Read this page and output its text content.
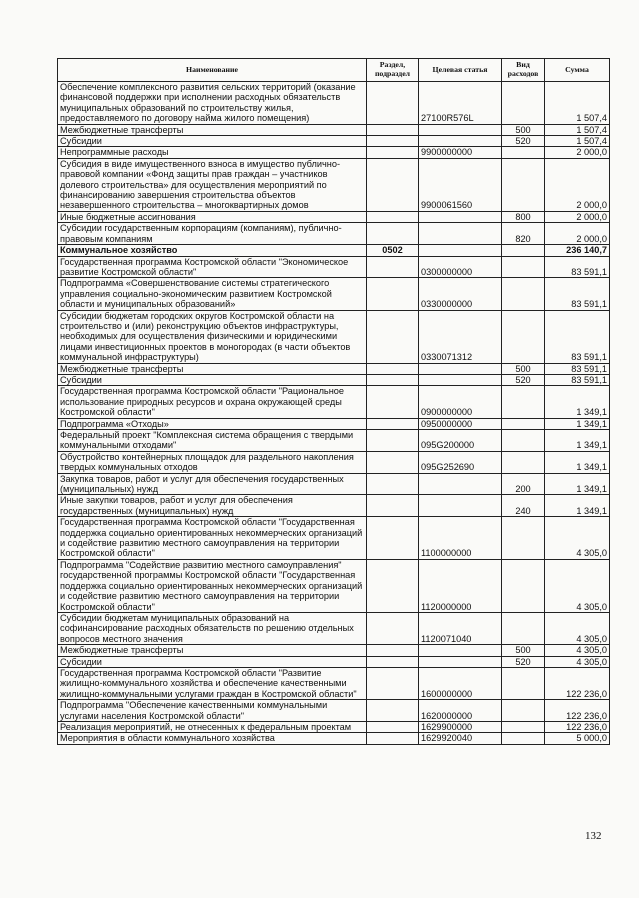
Наименование	Раздел, подраздел	Целевая статья	Вид расходов	Сумма
Обеспечение комплексного развития сельских территорий (оказание финансовой поддержки при исполнении расходных обязательств муниципальных образований по строительству жилья, предоставляемого по договору найма жилого помещения)		27100R576L		1 507,4
Межбюджетные трансферты			500	1 507,4
Субсидии			520	1 507,4
Непрограммные расходы		9900000000		2 000,0
Субсидия в виде имущественного взноса в имущество публично-правовой компании «Фонд защиты прав граждан – участников долевого строительства» для осуществления мероприятий по финансированию завершения строительства объектов незавершенного строительства – многоквартирных домов		9900061560		2 000,0
Иные бюджетные ассигнования			800	2 000,0
Субсидии государственным корпорациям (компаниям), публично-правовым компаниям			820	2 000,0
Коммунальное хозяйство	0502			236 140,7
Государственная программа Костромской области "Экономическое развитие Костромской области"		0300000000		83 591,1
Подпрограмма «Совершенствование системы стратегического управления социально-экономическим развитием Костромской области и муниципальных образований»		0330000000		83 591,1
Субсидии бюджетам городских округов Костромской области на строительство и (или) реконструкцию объектов инфраструктуры, необходимых для осуществления физическими и юридическими лицами инвестиционных проектов в моногородах (в части объектов коммунальной инфраструктуры)		0330071312		83 591,1
Межбюджетные трансферты			500	83 591,1
Субсидии			520	83 591,1
Государственная программа Костромской области "Рациональное использование природных ресурсов и охрана окружающей среды Костромской области"		0900000000		1 349,1
Подпрограмма «Отходы»		0950000000		1 349,1
Федеральный проект "Комплексная система обращения с твердыми коммунальными отходами"		095G200000		1 349,1
Обустройство контейнерных площадок для раздельного накопления твердых коммунальных отходов		095G252690		1 349,1
Закупка товаров, работ и услуг для обеспечения государственных (муниципальных) нужд			200	1 349,1
Иные закупки товаров, работ и услуг для обеспечения государственных (муниципальных) нужд			240	1 349,1
Государственная программа Костромской области "Государственная поддержка социально ориентированных некоммерческих организаций и содействие развитию местного самоуправления на территории Костромской области"		1100000000		4 305,0
Подпрограмма "Содействие развитию местного самоуправления" государственной программы Костромской области "Государственная поддержка социально ориентированных некоммерческих организаций и содействие развитию местного самоуправления на территории Костромской области"		1120000000		4 305,0
Субсидии бюджетам муниципальных образований на софинансирование расходных обязательств по решению отдельных вопросов местного значения		1120071040		4 305,0
Межбюджетные трансферты			500	4 305,0
Субсидии			520	4 305,0
Государственная программа Костромской области "Развитие жилищно-коммунального хозяйства и обеспечение качественными жилищно-коммунальными услугами граждан в Костромской области"		1600000000		122 236,0
Подпрограмма "Обеспечение качественными коммунальными услугами населения Костромской области"		1620000000		122 236,0
Реализация мероприятий, не отнесенных к федеральным проектам		1629900000		122 236,0
Мероприятия в области коммунального хозяйства		1629920040		5 000,0
132
